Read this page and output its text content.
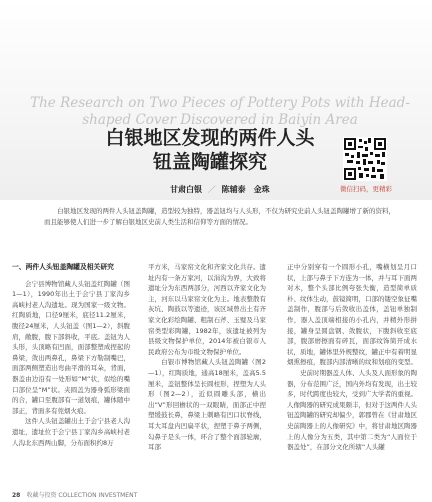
The Research on Two Pieces of Pottery Pots with Head-shaped Cover Discovered in Baiyin Area
白银地区发现的两件人头
钮盖陶罐探究
微信扫码，更精彩
甘肃白银 ／ 陈辅泰　金珠
白银地区发现的两件人头钮盖陶罐，造型较为独特，器盖钮均与人头形，不仅为研究史前人头钮盖陶罐增了新的资料，而且能够使人们进一步了解白银地区史前人类生活和信仰等方面的情况。
一、两件人头钮盖陶罐及相关研究

会宁县博物馆藏人头钮盖红陶罐（图1—1），1990年出土于会宁县丁家沟乡高峡村老人沟遗址。现为国家一级文物。红陶质地，口径9厘米，底径11.2厘米，腹径24厘米，人头钮盖（图1—2），斜腹肩，敞腹，腹下部斜收，平底。盖钮为人头形，头顶略有凹面，面部整塑成捏起的鼻梁，敛出两鼻孔，鼻梁下方勒制嘴巴，面部两侧塑造出弯曲平滑的耳朵，背面，器盖由边沿有一处形如“M”状，似绘的嘴口部位呈“M”状。夹圆盖为器身弧形梁面的合，罐口至腹部有一道划痕，罐体随中部正，背面多有莞烟火痕。

这件人头钮盖罐出土于会宁县老人沟遗址，遗址位于会宁县丁家沟乡高峡村老人沟北东西两山脚，分布面积约8万

平方米，马家窑文化和齐家文化共存。遗址内有一条万家河，以涓沟为界，大致将遗址分为东西两部分，河西以齐家文化为主，河东以马家窑文化为主。地表整散有灰坑、陶鼓以等遗迹，该区域曾出土有齐家文化彩绘陶罐、粗制石斧、玉璧及马家窑类型彩陶罐，1982年，该遗址被列为县级文物保护单位，2014年被白银市人民政府公布为市级文物保护单位。

白银市博物馆藏人头钮盖陶罐（图2—1），红陶质地，通高18厘米，盖高5.5厘米，盖钮整体呈长圆柱形，捏塑为人头形（图2—2），近似圆雕头部，横出出“V”形回檐状的一双眼睛，面部正中捏塑缓鼓长鼻，鼻梁上刺略有凹口状脊线，耳大耳盘内凹扁平状，捏塑于鼻子两侧，勾鼻子是头一体，环合了整个面部轮廓，耳部

正中分别穿有一个圆形小孔，嘴横划呈月口状，上部与鼻子下方连为一体，并与耳下面两对木，整个头部比例夸张失衡，造型简单质朴、纹体生动，鼓镜简明，口部的镂空象征嘴盖制作，腹部与后敛收出盖体，盖钮单独制作，器人盖顶端相接的小孔内，并精外形拼接，罐身呈圆盘钢、敛腹状，下腹斜收至底部，腹部磨擦面有碎瓦，面部纹饰简开成水状，质地，罐体里外规整纹，罐正中有着明显烟熏擦痕，腹部内部清晰的纹和划痕的变型。

史前时期器盖人体、人头及人面形象的陶器，分布范围广泛，国内外均有发现，出土较多，时代跨度也较大，受到广大学者的重视。人像陶器的研究成果颇丰，但对于这两件人头钮盖陶罐的研究却偏少，郭郡曾在《甘肃地区史前陶器上的人像研究》中，将甘肃地区陶器上的人像分为五类，其中第二类为“人面位于器盖处”，在部分文化所辖“人头罐

28 收藏与投资 COLLECTION INVESTMENT
